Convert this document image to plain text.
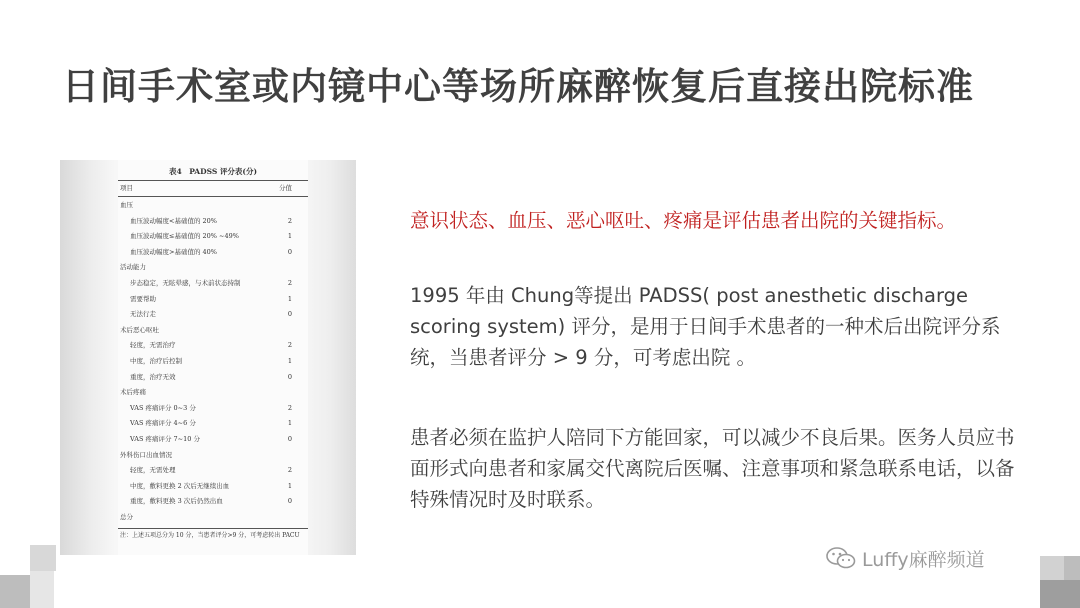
日间手术室或内镜中心等场所麻醉恢复后直接出院标准
表4　PADSS 评分表(分)
项目	分值
血压
血压波动幅度<基础值的 20%	2
血压波动幅度≤基础值的 20% ~49%	1
血压波动幅度>基础值的 40%	0
活动能力
步态稳定，无眩晕感，与术前状态持制	2
需要帮助	1
无法行走	0
术后恶心呕吐
轻度，无需治疗	2
中度，治疗后控制	1
重度，治疗无效	0
术后疼痛
VAS 疼痛评分 0~3 分	2
VAS 疼痛评分 4~6 分	1
VAS 疼痛评分 7~10 分	0
外科伤口出血情况
轻度，无需处理	2
中度，敷料更换 2 次后无继续出血	1
重度，敷料更换 3 次后仍然出血	0
总分
注：上述五项总分为 10 分，当患者评分>9 分，可考虑转出 PACU
意识状态、血压、恶心呕吐、疼痛是评估患者出院的关键指标。
1995 年由 Chung等提出 PADSS( post anesthetic discharge scoring system) 评分，是用于日间手术患者的一种术后出院评分系统，当患者评分 > 9 分，可考虑出院 。
患者必须在监护人陪同下方能回家，可以减少不良后果。医务人员应书面形式向患者和家属交代离院后医嘱、注意事项和紧急联系电话，以备特殊情况时及时联系。
Luffy麻醉频道
